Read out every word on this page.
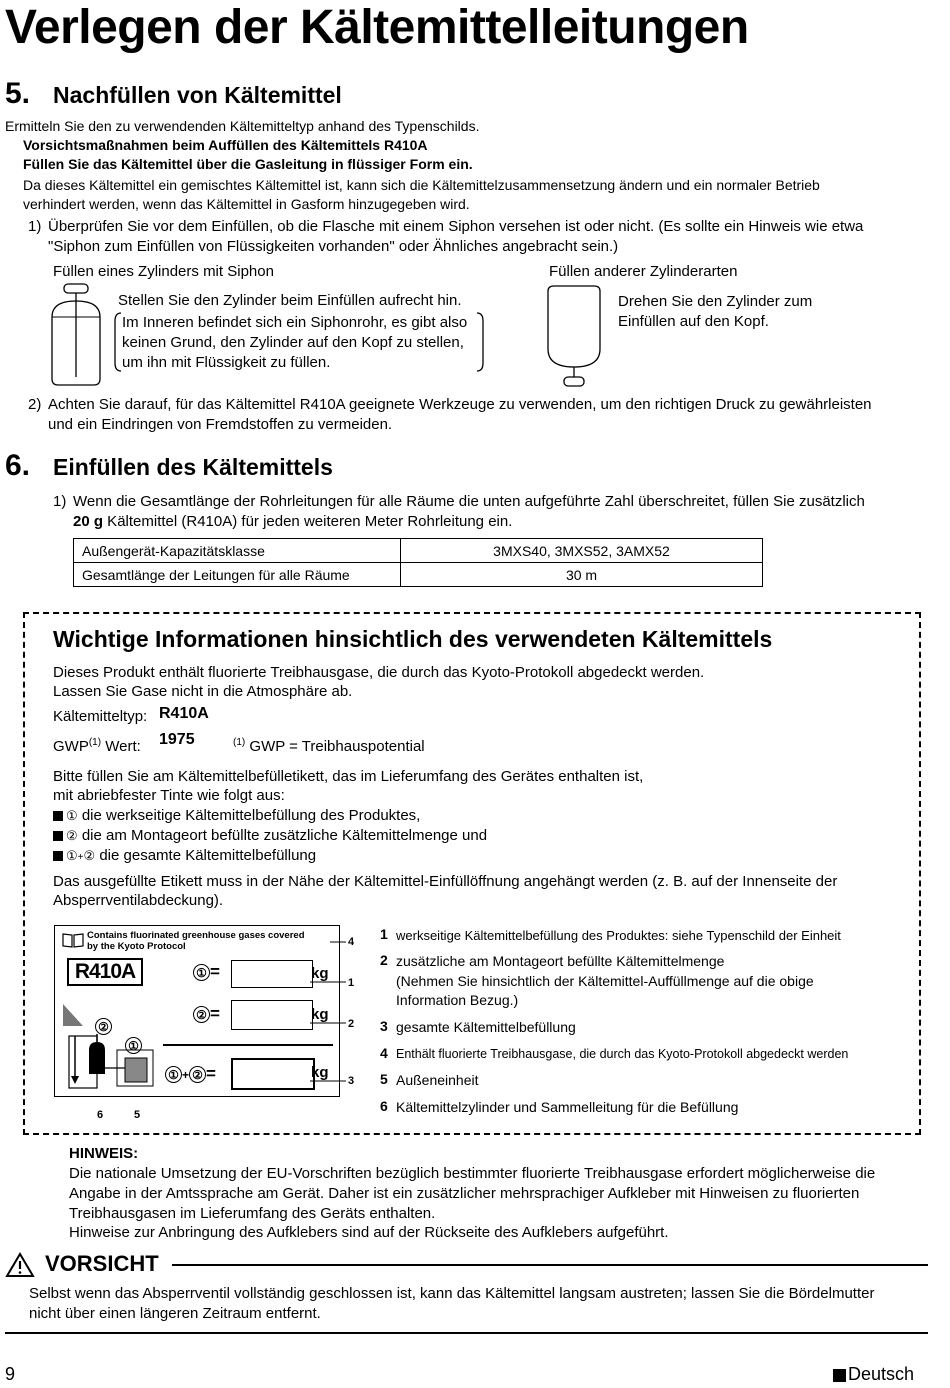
Verlegen der Kältemittelleitungen
5. Nachfüllen von Kältemittel
Ermitteln Sie den zu verwendenden Kältemitteltyp anhand des Typenschilds.
Vorsichtsmaßnahmen beim Auffüllen des Kältemittels R410A
Füllen Sie das Kältemittel über die Gasleitung in flüssiger Form ein.
Da dieses Kältemittel ein gemischtes Kältemittel ist, kann sich die Kältemittelzusammensetzung ändern und ein normaler Betrieb
verhindert werden, wenn das Kältemittel in Gasform hinzugegeben wird.
1) Überprüfen Sie vor dem Einfüllen, ob die Flasche mit einem Siphon versehen ist oder nicht. (Es sollte ein Hinweis wie etwa
"Siphon zum Einfüllen von Flüssigkeiten vorhanden" oder Ähnliches angebracht sein.)
Füllen eines Zylinders mit Siphon	Füllen anderer Zylinderarten
Stellen Sie den Zylinder beim Einfüllen aufrecht hin.
Im Inneren befindet sich ein Siphonrohr, es gibt also
keinen Grund, den Zylinder auf den Kopf zu stellen,
um ihn mit Flüssigkeit zu füllen.
Drehen Sie den Zylinder zum
Einfüllen auf den Kopf.
2) Achten Sie darauf, für das Kältemittel R410A geeignete Werkzeuge zu verwenden, um den richtigen Druck zu gewährleisten
und ein Eindringen von Fremdstoffen zu vermeiden.
6. Einfüllen des Kältemittels
1) Wenn die Gesamtlänge der Rohrleitungen für alle Räume die unten aufgeführte Zahl überschreitet, füllen Sie zusätzlich
20 g Kältemittel (R410A) für jeden weiteren Meter Rohrleitung ein.
Außengerät-Kapazitätsklasse	3MXS40, 3MXS52, 3AMX52
Gesamtlänge der Leitungen für alle Räume	30 m
Wichtige Informationen hinsichtlich des verwendeten Kältemittels
Dieses Produkt enthält fluorierte Treibhausgase, die durch das Kyoto-Protokoll abgedeckt werden.
Lassen Sie Gase nicht in die Atmosphäre ab.
Kältemitteltyp: R410A
GWP$^{(1)}$ Wert: 1975	$^{(1)}$ GWP = Treibhauspotential
Bitte füllen Sie am Kältemittelbefülletikett, das im Lieferumfang des Gerätes enthalten ist,
mit abriebfester Tinte wie folgt aus:
① die werkseitige Kältemittelbefüllung des Produktes,
② die am Montageort befüllte zusätzliche Kältemittelmenge und
①+② die gesamte Kältemittelbefüllung
Das ausgefüllte Etikett muss in der Nähe der Kältemittel-Einfüllöffnung angehängt werden (z. B. auf der Innenseite der
Absperrventilabdeckung).
Contains fluorinated greenhouse gases covered
by the Kyoto Protocol
R410A	① =	kg
② =	kg
① + ② =	kg
②
①
4
1
2
3
6	5
1 werkseitige Kältemittelbefüllung des Produktes: siehe Typenschild der Einheit
2 zusätzliche am Montageort befüllte Kältemittelmenge
(Nehmen Sie hinsichtlich der Kältemittel-Auffüllmenge auf die obige
Information Bezug.)
3 gesamte Kältemittelbefüllung
4 Enthält fluorierte Treibhausgase, die durch das Kyoto-Protokoll abgedeckt werden
5 Außeneinheit
6 Kältemittelzylinder und Sammelleitung für die Befüllung
HINWEIS:
Die nationale Umsetzung der EU-Vorschriften bezüglich bestimmter fluorierte Treibhausgase erfordert möglicherweise die
Angabe in der Amtssprache am Gerät. Daher ist ein zusätzlicher mehrsprachiger Aufkleber mit Hinweisen zu fluorierten
Treibhausgasen im Lieferumfang des Geräts enthalten.
Hinweise zur Anbringung des Aufklebers sind auf der Rückseite des Aufklebers aufgeführt.
VORSICHT
Selbst wenn das Absperrventil vollständig geschlossen ist, kann das Kältemittel langsam austreten; lassen Sie die Bördelmutter
nicht über einen längeren Zeitraum entfernt.
9	Deutsch
